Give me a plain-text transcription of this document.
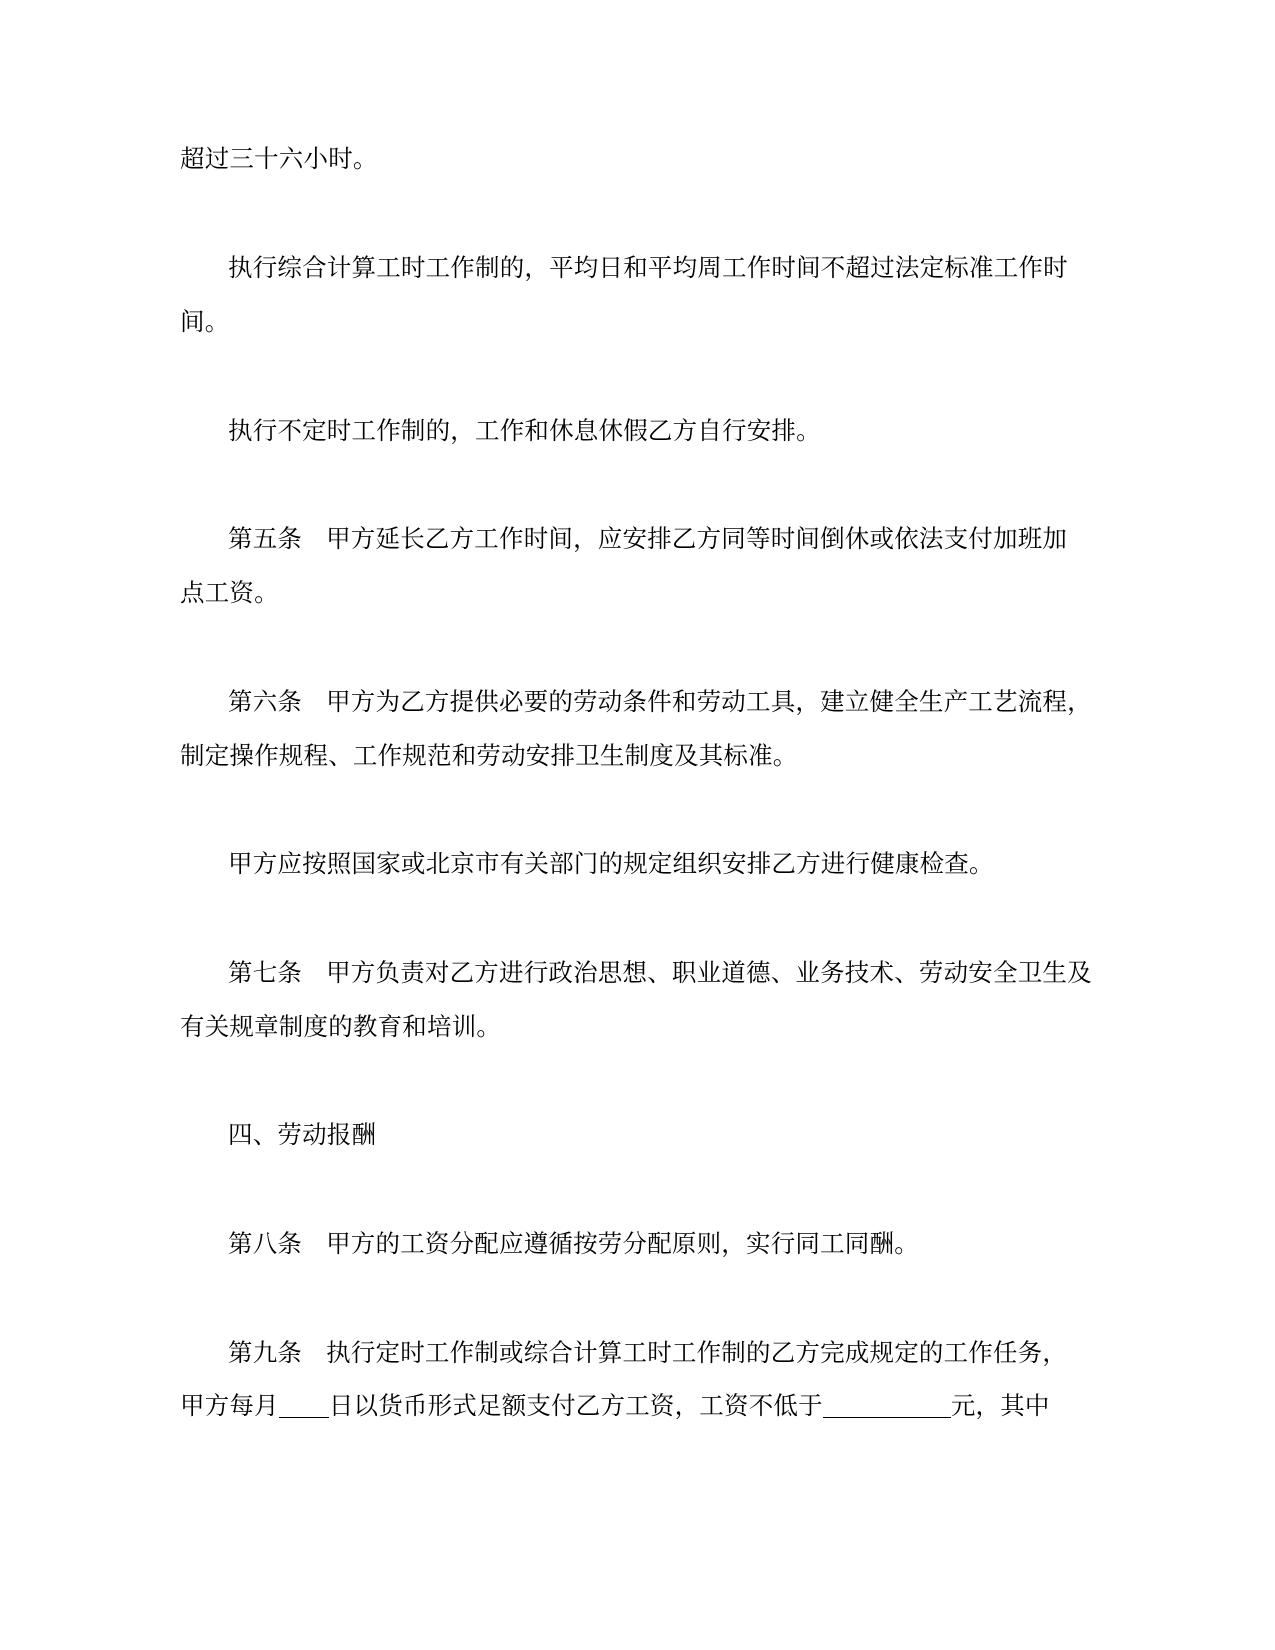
超过三十六小时。
执行综合计算工时工作制的，平均日和平均周工作时间不超过法定标准工作时
间。
执行不定时工作制的，工作和休息休假乙方自行安排。
第五条 甲方延长乙方工作时间，应安排乙方同等时间倒休或依法支付加班加
点工资。
第六条 甲方为乙方提供必要的劳动条件和劳动工具，建立健全生产工艺流程，
制定操作规程、工作规范和劳动安排卫生制度及其标准。
甲方应按照国家或北京市有关部门的规定组织安排乙方进行健康检查。
第七条 甲方负责对乙方进行政治思想、职业道德、业务技术、劳动安全卫生及
有关规章制度的教育和培训。
四、劳动报酬
第八条 甲方的工资分配应遵循按劳分配原则，实行同工同酬。
第九条 执行定时工作制或综合计算工时工作制的乙方完成规定的工作任务，
甲方每月 日以货币形式足额支付乙方工资，工资不低于	元，其中
